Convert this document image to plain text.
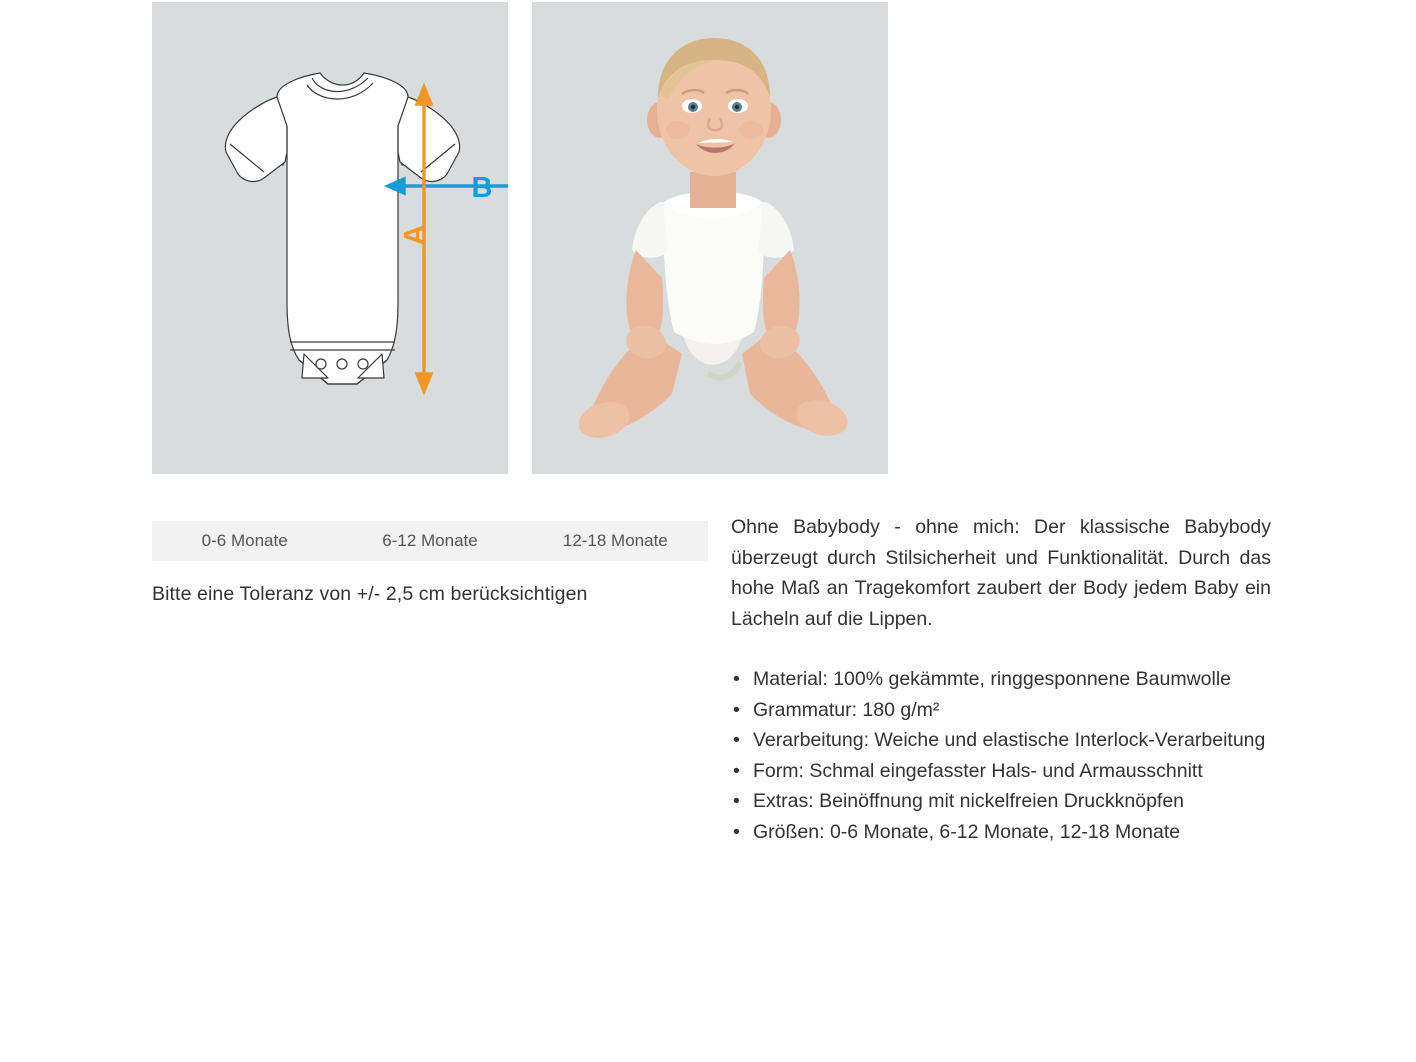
B
A
0-6 Monate	6-12 Monate	12-18 Monate
Bitte eine Toleranz von +/- 2,5 cm berücksichtigen

Ohne Babybody - ohne mich: Der klassische Babybody überzeugt durch Stilsicherheit und Funktionalität. Durch das hohe Maß an Tragekomfort zaubert der Body jedem Baby ein Lächeln auf die Lippen.

• Material: 100% gekämmte, ringgesponnene Baumwolle
• Grammatur: 180 g/m²
• Verarbeitung: Weiche und elastische Interlock-Verarbeitung
• Form: Schmal eingefasster Hals- und Armausschnitt
• Extras: Beinöffnung mit nickelfreien Druckknöpfen
• Größen: 0-6 Monate, 6-12 Monate, 12-18 Monate
